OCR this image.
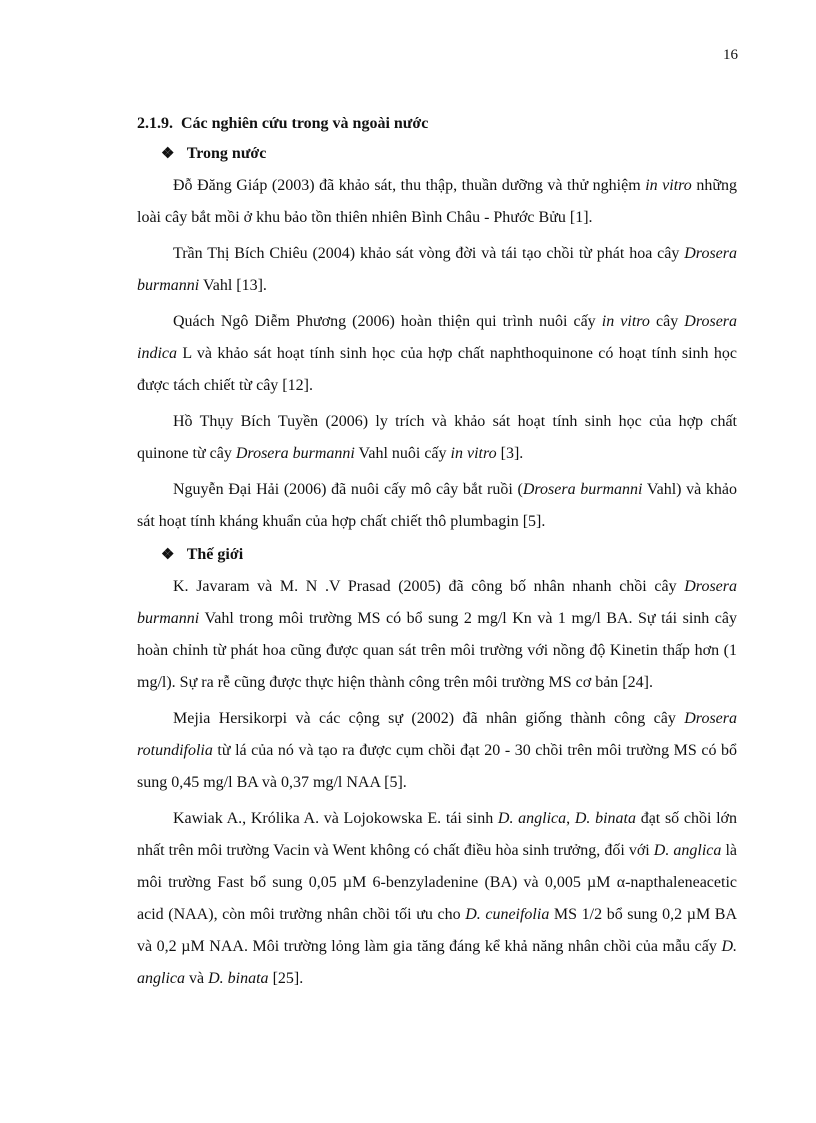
16
2.1.9. Các nghiên cứu trong và ngoài nước
❖ Trong nước

Đỗ Đăng Giáp (2003) đã khảo sát, thu thập, thuần dưỡng và thử nghiệm in vitro những loài cây bắt mồi ở khu bảo tồn thiên nhiên Bình Châu - Phước Bửu [1].

Trần Thị Bích Chiêu (2004) khảo sát vòng đời và tái tạo chồi từ phát hoa cây Drosera burmanni Vahl [13].

Quách Ngô Diễm Phương (2006) hoàn thiện qui trình nuôi cấy in vitro cây Drosera indica L và khảo sát hoạt tính sinh học của hợp chất naphthoquinone có hoạt tính sinh học được tách chiết từ cây [12].

Hồ Thụy Bích Tuyền (2006) ly trích và khảo sát hoạt tính sinh học của hợp chất quinone từ cây Drosera burmanni Vahl nuôi cấy in vitro [3].

Nguyễn Đại Hải (2006) đã nuôi cấy mô cây bắt ruồi (Drosera burmanni Vahl) và khảo sát hoạt tính kháng khuẩn của hợp chất chiết thô plumbagin [5].

❖ Thế giới

K. Javaram và M. N .V Prasad (2005) đã công bố nhân nhanh chồi cây Drosera burmanni Vahl trong môi trường MS có bổ sung 2 mg/l Kn và 1 mg/l BA. Sự tái sinh cây hoàn chỉnh từ phát hoa cũng được quan sát trên môi trường với nồng độ Kinetin thấp hơn (1 mg/l). Sự ra rễ cũng được thực hiện thành công trên môi trường MS cơ bản [24].

Mejia Hersikorpi và các cộng sự (2002) đã nhân giống thành công cây Drosera rotundifolia từ lá của nó và tạo ra được cụm chồi đạt 20 - 30 chồi trên môi trường MS có bổ sung 0,45 mg/l BA và 0,37 mg/l NAA [5].

Kawiak A., Królika A. và Lojokowska E. tái sinh D. anglica, D. binata đạt số chồi lớn nhất trên môi trường Vacin và Went không có chất điều hòa sinh trưởng, đối với D. anglica là môi trường Fast bổ sung 0,05 µM 6-benzyladenine (BA) và 0,005 µM α-napthaleneacetic acid (NAA), còn môi trường nhân chồi tối ưu cho D. cuneifolia MS 1/2 bổ sung 0,2 µM BA và 0,2 µM NAA. Môi trường lỏng làm gia tăng đáng kể khả năng nhân chồi của mẫu cấy D. anglica và D. binata [25].
